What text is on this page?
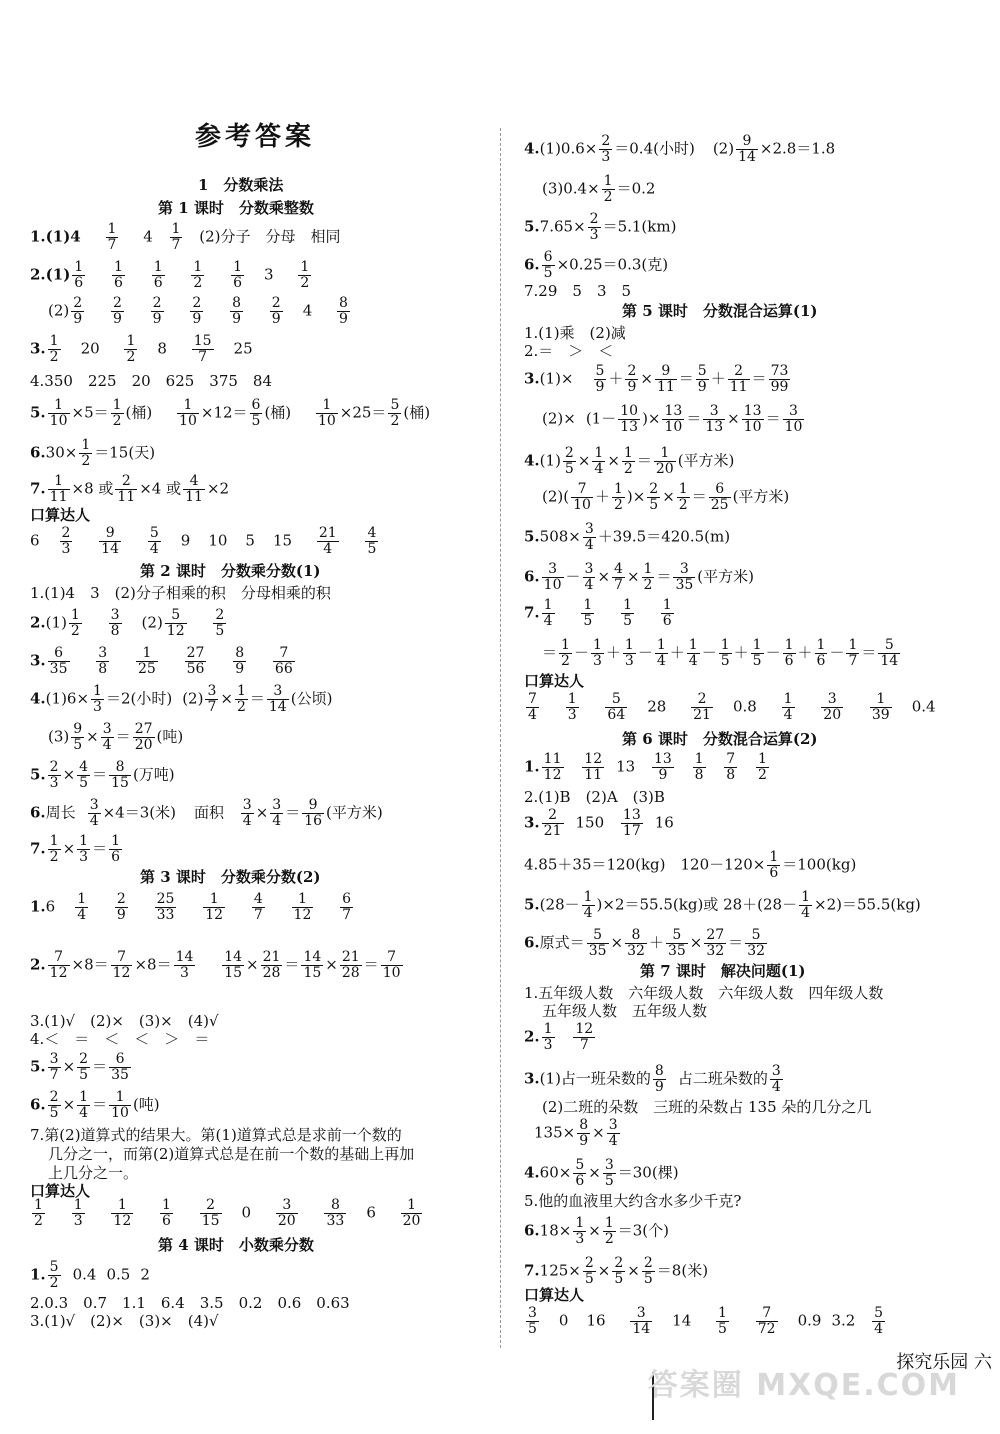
参考答案
1　分数乘法
第 1 课时　分数乘整数
$1.(1)4 \frac{1}{7} 4 \frac{1}{7} (2)$分子　分母　相同
$2.(1) \frac{1}{6}$
$\frac{1}{6}$
$\frac{1}{6}$
$\frac{1}{2}$
$\frac{1}{6} 3 \frac{1}{2}$
$(2) \frac{2}{9}$
$\frac{2}{9}$
$\frac{2}{9}$
$\frac{2}{9}$
$\frac{8}{9}$
$\frac{2}{9} 4 \frac{8}{9}$
3. $\frac{1}{2} 20 \frac{1}{2} 8 \frac{15}{7} 25$
4.350　225　20　625　375　84
5. $\frac{1}{10} \times 5= \frac{1}{2}$ (桶) $\frac{1}{10} \times 12= \frac{6}{5}$ (桶) $\frac{1}{10} \times 25= \frac{5}{2}$ (桶)
$6.30\times \frac{1}{2} =15$(天)
7. $\frac{1}{11} \times 8$ 或 $\frac{2}{11} \times 4$ 或 $\frac{4}{11} \times 2$
口算达人
$6 \frac{2}{3}$
$\frac{9}{14}$
$\frac{5}{4} 9$ 10 5 $15 \frac{21}{4}$
$\frac{4}{5}$
第 2 课时　分数乘分数(1)
1.(1)4　3　(2)分子相乘的积　分母相乘的积
$2.(1) \frac{1}{2}$
$\frac{3}{8} (2) \frac{5}{12}$
$\frac{2}{5}$
3. $\frac{6}{35}$
$\frac{3}{8}$
$\frac{1}{25}$
$\frac{27}{56}$
$\frac{8}{9}$
$\frac{7}{66}$
$4.(1)6\times \frac{1}{3} =2$(小时) $(2) \frac{3}{7} \times \frac{1}{2} = \frac{3}{14}$ (公顷)
$(3) \frac{9}{5} \times \frac{3}{4} = \frac{27}{20}$ (吨)
5. $\frac{2}{3} \times \frac{4}{5} = \frac{8}{15}$ (万吨)
6.周长 $\frac{3}{4} \times 4=3$(米) 面积 $\frac{3}{4} \times \frac{3}{4} = \frac{9}{16}$ (平方米)
7. $\frac{1}{2} \times \frac{1}{3} = \frac{1}{6}$
第 3 课时　分数乘分数(2)
$1.6 \frac{1}{4}$
$\frac{2}{9}$
$\frac{25}{33}$
$\frac{1}{12}$
$\frac{4}{7}$
$\frac{1}{12}$
$\frac{6}{7}$
2. $\frac{7}{12} \times 8= \frac{7}{12} \times 8= \frac{14}{3}$
$\frac{14}{15} \times \frac{21}{28} = \frac{14}{15} \times \frac{21}{28} = \frac{7}{10}$
3.(1)√　(2)×　(3)×　(4)√
4.＜　＝　＜　＜　＞　＝
5. $\frac{3}{7} \times \frac{2}{5} = \frac{6}{35}$
6. $\frac{2}{5} \times \frac{1}{4} = \frac{1}{10}$ (吨)
7.第(2)道算式的结果大。第(1)道算式总是求前一个数的
几分之一，而第(2)道算式总是在前一个数的基础上再加
上几分之一。
口算达人
$\frac{1}{2}$
$\frac{1}{3}$
$\frac{1}{12}$
$\frac{1}{6}$
$\frac{2}{15} 0 \frac{3}{20}$
$\frac{8}{33} 6 \frac{1}{20}$
第 4 课时　小数乘分数
1. $\frac{5}{2} 0.4$ 0.5 2
2.0.3　0.7　1.1　6.4　3.5　0.2　0.6　0.63
3.(1)√　(2)×　(3)×　(4)√
$4.(1)0.6\times \frac{2}{3} =0.4$(小时) $(2) \frac{9}{14} \times 2.8=1.8$
$(3)0.4\times \frac{1}{2} =0.2$
$5.7.65\times \frac{2}{3} =5.1(km)$
6. $\frac{6}{5} \times 0.25=0.3$(克)
7.29　5　3　5
第 5 课时　分数混合运算(1)
1.(1)乘　(2)减
2.＝　＞　＜
$3.(1)\times \frac{5}{9} + \frac{2}{9} \times \frac{9}{11} = \frac{5}{9} + \frac{2}{11} = \frac{73}{99}$
$(2)\times (1- \frac{10}{13}$ )× $\frac{13}{10} = \frac{3}{13} \times \frac{13}{10} = \frac{3}{10}$
$4.(1) \frac{2}{5} \times \frac{1}{4} \times \frac{1}{2} = \frac{1}{20}$ (平方米)
$(2)( \frac{7}{10} + \frac{1}{2}$ )× $\frac{2}{5} \times \frac{1}{2} = \frac{6}{25}$ (平方米)
$5.508\times \frac{3}{4} +39.5=420.5(m)$
6. $\frac{3}{10} - \frac{3}{4} \times \frac{4}{7} \times \frac{1}{2} = \frac{3}{35}$ (平方米)
7. $\frac{1}{4}$
$\frac{1}{5}$
$\frac{1}{5}$
$\frac{1}{6}$
＝ $\frac{1}{2} - \frac{1}{3} + \frac{1}{3} - \frac{1}{4} + \frac{1}{4} - \frac{1}{5} + \frac{1}{5} - \frac{1}{6} + \frac{1}{6} - \frac{1}{7} = \frac{5}{14}$
口算达人
$\frac{7}{4}$
$\frac{1}{3}$
$\frac{5}{64} 28 \frac{2}{21} 0.8 \frac{1}{4}$
$\frac{3}{20}$
$\frac{1}{39} 0.4$
第 6 课时　分数混合运算(2)
1. $\frac{11}{12}$
$\frac{12}{11} 13 \frac{13}{9}$
$\frac{1}{8}$
$\frac{7}{8}$
$\frac{1}{2}$
2.(1)B　(2)A　(3)B
3. $\frac{2}{21} 150 \frac{13}{17} 16$
4.85＋35＝120(kg)　$120-120\times \frac{1}{6} =100(kg)$
$5.(28- \frac{1}{4} )\times 2=55.5(kg)$或 $28+(28- \frac{1}{4} \times 2)=55.5(kg)$
6.原式＝ $\frac{5}{35} \times \frac{8}{32} + \frac{5}{35} \times \frac{27}{32} = \frac{5}{32}$
第 7 课时　解决问题(1)
1.五年级人数　六年级人数　六年级人数　四年级人数
五年级人数　五年级人数
2. $\frac{1}{3}$
$\frac{12}{7}$
3.(1)占一班朵数的 $\frac{8}{9}$ 占二班朵数的 $\frac{3}{4}$
(2)二班的朵数　三班的朵数占 135 朵的几分之几
$135\times \frac{8}{9} \times \frac{3}{4}$
$4.60\times \frac{5}{6} \times \frac{3}{5} =30$(棵)
5.他的血液里大约含水多少千克?
$6.18\times \frac{1}{3} \times \frac{1}{2} =3$(个)
$7.125\times \frac{2}{5} \times \frac{2}{5} \times \frac{2}{5} =8$(米)
口算达人
$\frac{3}{5} 0$ $16 \frac{3}{14} 14 \frac{1}{5}$
$\frac{7}{72} 0.9$ $3.2 \frac{5}{4}$
答案圈 MXQE.COM
探究乐园 六
